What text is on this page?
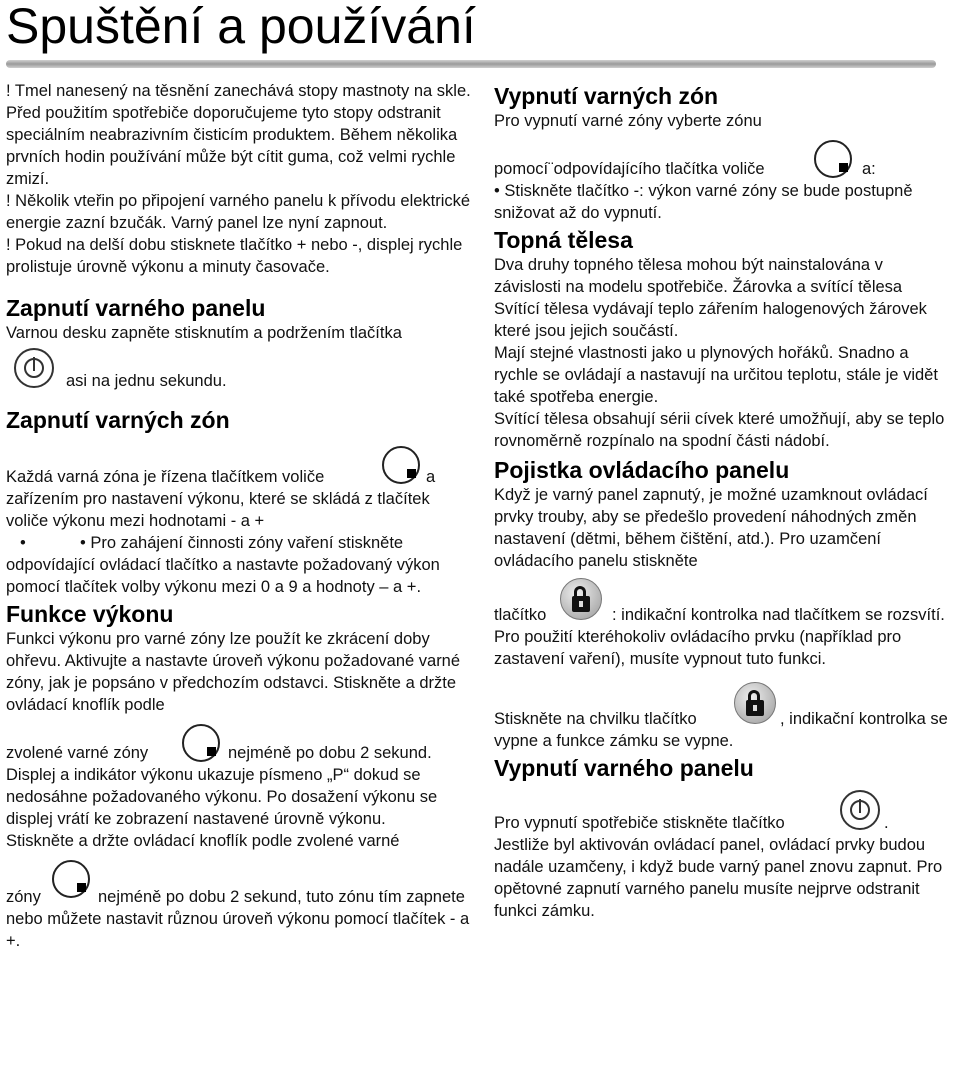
Spuštění a používání

! Tmel nanesený na těsnění zanechává stopy mastnoty na skle. Před použitím spotřebiče doporučujeme tyto stopy odstranit speciálním neabrazivním čisticím produktem. Během několika prvních hodin používání může být cítit guma, což velmi rychle zmizí.

! Několik vteřin po připojení varného panelu k přívodu elektrické energie zazní bzučák. Varný panel lze nyní zapnout.

! Pokud na delší dobu stisknete tlačítko + nebo -, displej rychle prolistuje úrovně výkonu a minuty časovače.

Zapnutí varného panelu

Varnou desku zapněte stisknutím a podržením tlačítka

asi na jednu sekundu.

Zapnutí varných zón

Každá varná zóna je řízena tlačítkem voliče	a

zařízením pro nastavení výkonu, které se skládá z tlačítek voliče výkonu mezi hodnotami - a +

•	• Pro zahájení činnosti zóny vaření stiskněte odpovídající ovládací tlačítko a nastavte požadovaný výkon pomocí tlačítek volby výkonu mezi 0 a 9 a hodnoty – a +.

Funkce výkonu

Funkci výkonu pro varné zóny lze použít ke zkrácení doby ohřevu. Aktivujte a nastavte úroveň výkonu požadované varné zóny, jak je popsáno v předchozím odstavci. Stiskněte a držte ovládací knoflík podle

zvolené varné zóny	nejméně po dobu 2 sekund.

Displej a indikátor výkonu ukazuje písmeno „P“ dokud se nedosáhne požadovaného výkonu. Po dosažení výkonu se displej vrátí ke zobrazení nastavené úrovně výkonu.

Stiskněte a držte ovládací knoflík podle zvolené varné

zóny	nejméně po dobu 2 sekund, tuto zónu tím zapnete nebo můžete nastavit různou úroveň výkonu pomocí tlačítek - a +.

Vypnutí varných zón

Pro vypnutí varné zóny vyberte zónu

pomocí¨odpovídajícího tlačítka voliče	a:

• Stiskněte tlačítko -: výkon varné zóny se bude postupně snižovat až do vypnutí.

Topná tělesa

Dva druhy topného tělesa mohou být nainstalována v závislosti na modelu spotřebiče. Žárovka a svítící tělesa

Svítící tělesa vydávají teplo zářením halogenových žárovek které jsou jejich součástí.

Mají stejné vlastnosti jako u plynových hořáků. Snadno a rychle se ovládají a nastavují na určitou teplotu, stále je vidět také spotřeba energie.

Svítící tělesa obsahují sérii cívek které umožňují, aby se teplo rovnoměrně rozpínalo na spodní části nádobí.

Pojistka ovládacího panelu

Když je varný panel zapnutý, je možné uzamknout ovládací prvky trouby, aby se předešlo provedení náhodných změn nastavení (dětmi, během čištění, atd.). Pro uzamčení ovládacího panelu stiskněte

tlačítko	: indikační kontrolka nad tlačítkem se rozsvítí.

Pro použití kteréhokoliv ovládacího prvku (například pro zastavení vaření), musíte vypnout tuto funkci.

Stiskněte na chvilku tlačítko	, indikační kontrolka se vypne a funkce zámku se vypne.

Vypnutí varného panelu

Pro vypnutí spotřebiče stiskněte tlačítko	.

Jestliže byl aktivován ovládací panel, ovládací prvky budou nadále uzamčeny, i když bude varný panel znovu zapnut. Pro opětovné zapnutí varného panelu musíte nejprve odstranit funkci zámku.
